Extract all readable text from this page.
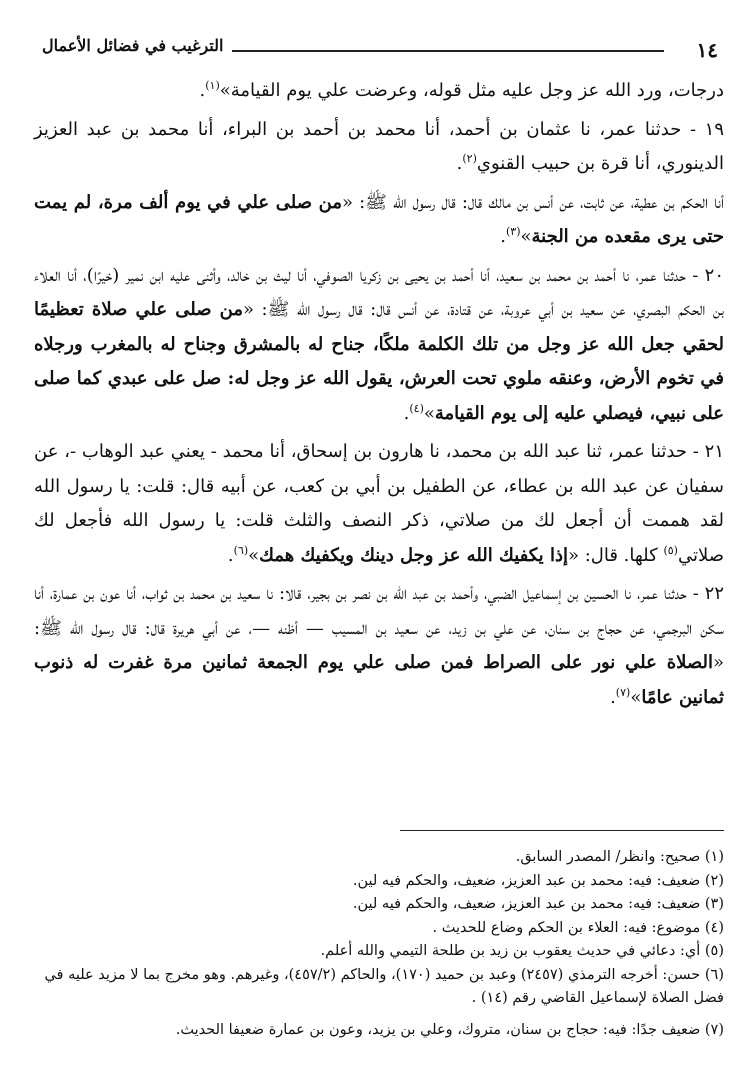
١٤
الترغيب في فضائل الأعمال

درجات، ورد الله عز وجل عليه مثل قوله، وعرضت علي يوم القيامة»$^{(١)}$.

١٩ - حدثنا عمر، نا عثمان بن أحمد، أنا محمد بن أحمد بن البراء، أنا محمد بن عبد العزيز الدينوري، أنا قرة بن حبيب القنوي$^{(٢)}$.

أنا الحكم بن عطية، عن ثابت، عن أنس بن مالك قال: قال رسول الله ﷺ: «من صلى علي في يوم ألف مرة، لم يمت حتى يرى مقعده من الجنة»$^{(٣)}$.

٢٠ - حدثنا عمر، نا أحمد بن محمد بن سعيد، أنا أحمد بن يحيى بن زكريا الصوفي، أنا ليث بن خالد، وأثنى عليه ابن نمير (خيرًا)، أنا العلاء بن الحكم البصري، عن سعيد بن أبي عروبة، عن قتادة، عن أنس قال: قال رسول الله ﷺ: «من صلى علي صلاة تعظيمًا لحقي جعل الله عز وجل من تلك الكلمة ملكًا، جناح له بالمشرق وجناح له بالمغرب ورجلاه في تخوم الأرض، وعنقه ملوي تحت العرش، يقول الله عز وجل له: صل على عبدي كما صلى على نبيي، فيصلي عليه إلى يوم القيامة»$^{(٤)}$.

٢١ - حدثنا عمر، ثنا عبد الله بن محمد، نا هارون بن إسحاق، أنا محمد - يعني عبد الوهاب -، عن سفيان عن عبد الله بن عطاء، عن الطفيل بن أبي بن كعب، عن أبيه قال: قلت: يا رسول الله لقد هممت أن أجعل لك من صلاتي، ذكر النصف والثلث قلت: يا رسول الله فأجعل لك صلاتي$^{(٥)}$ كلها. قال: «إذا يكفيك الله عز وجل دينك ويكفيك همك»$^{(٦)}$.

٢٢ - حدثنا عمر، نا الحسين بن إسماعيل الضبي، وأحمد بن عبد الله بن نصر بن بجير، قالا: نا سعيد بن محمد بن ثواب، أنا عون بن عمارة، أنا سكن البرجمي، عن حجاج بن سنان، عن علي بن زيد، عن سعيد بن المسيب — أظنه —، عن أبي هريرة قال: قال رسول الله ﷺ: «الصلاة علي نور على الصراط فمن صلى علي يوم الجمعة ثمانين مرة غفرت له ذنوب ثمانين عامًا»$^{(٧)}$.

(١) صحيح: وانظر/ المصدر السابق.

(٢) ضعيف: فيه: محمد بن عبد العزيز، ضعيف، والحكم فيه لين.

(٣) ضعيف: فيه: محمد بن عبد العزيز، ضعيف، والحكم فيه لين.

(٤) موضوع: فيه: العلاء بن الحكم وضاع للحديث .

(٥) أي: دعائي في حديث يعقوب بن زيد بن طلحة التيمي والله أعلم.

(٦) حسن: أخرجه الترمذي (٢٤٥٧) وعبد بن حميد (١٧٠)، والحاكم (٤٥٧/٢)، وغيرهم. وهو مخرج بما لا مزيد عليه في فضل الصلاة لإسماعيل القاضي رقم (١٤) .

(٧) ضعيف جدًا: فيه: حجاج بن سنان، متروك، وعلي بن يزيد، وعون بن عمارة ضعيفا الحديث.
